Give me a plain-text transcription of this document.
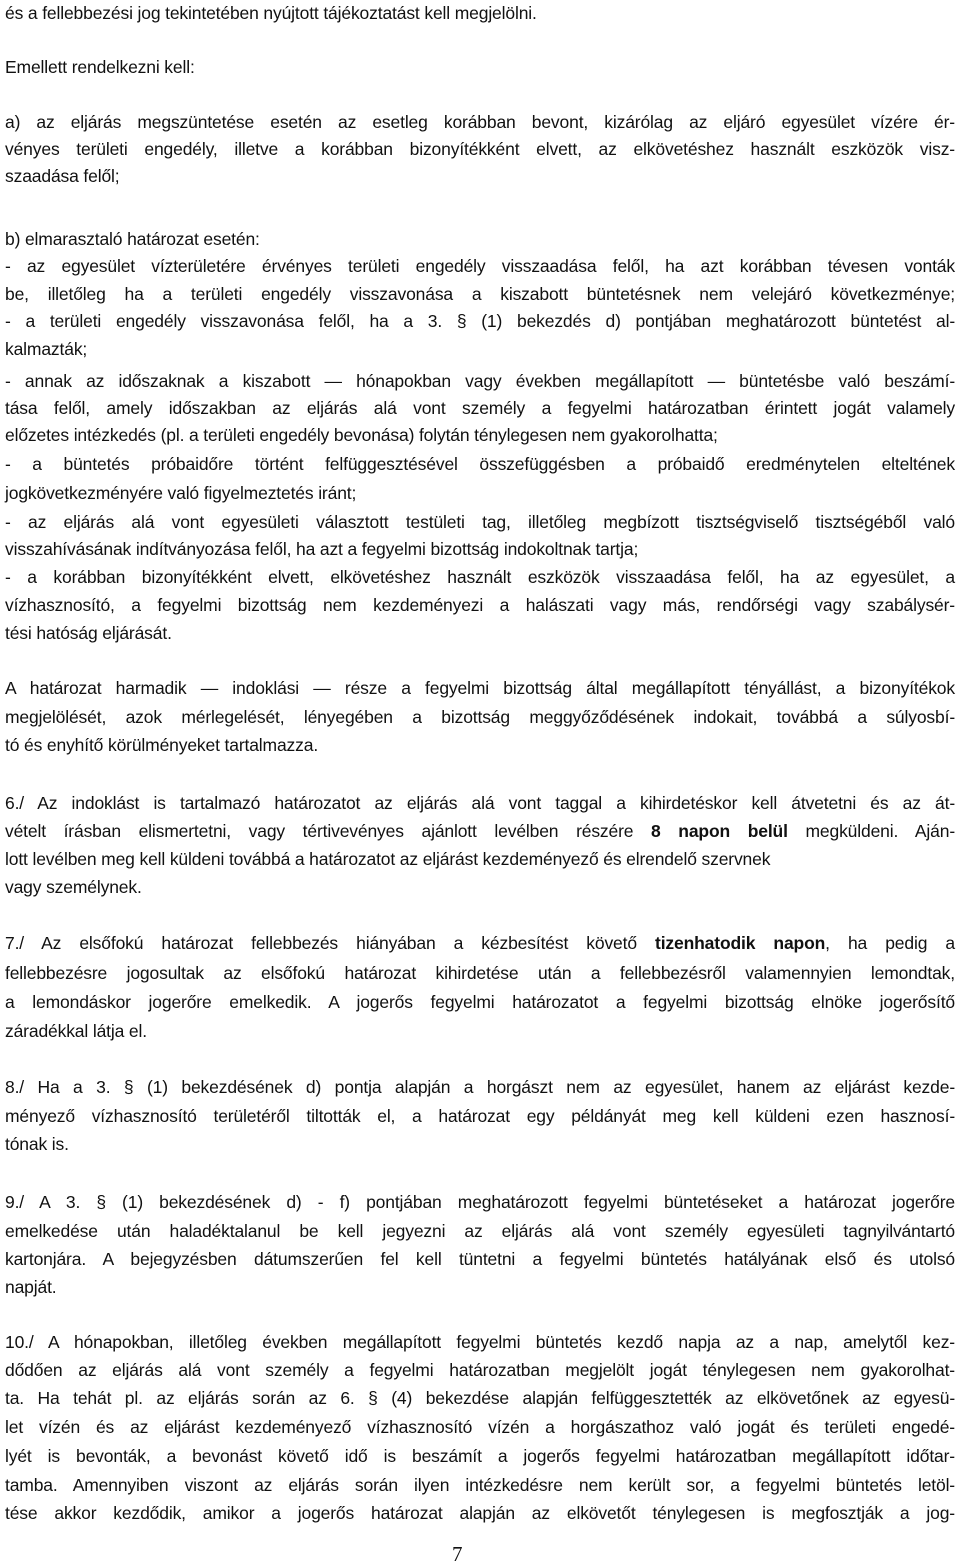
és a fellebbezési jog tekintetében nyújtott tájékoztatást kell megjelölni.
Emellett rendelkezni kell:
a) az eljárás megszüntetése esetén az esetleg korábban bevont, kizárólag az eljáró egyesület vízére ér-
vényes területi engedély, illetve a korábban bizonyítékként elvett, az elkövetéshez használt eszközök visz-
szaadása felől;
b) elmarasztaló határozat esetén:
- az egyesület vízterületére érvényes területi engedély visszaadása felől, ha azt korábban tévesen vonták
be, illetőleg ha a területi engedély visszavonása a kiszabott büntetésnek nem velejáró következménye;
- a területi engedély visszavonása felől, ha a 3. § (1) bekezdés d) pontjában meghatározott büntetést al-
kalmazták;
- annak az időszaknak a kiszabott — hónapokban vagy években megállapított — büntetésbe való beszámí-
tása felől, amely időszakban az eljárás alá vont személy a fegyelmi határozatban érintett jogát valamely
előzetes intézkedés (pl. a területi engedély bevonása) folytán ténylegesen nem gyakorolhatta;
- a büntetés próbaidőre történt felfüggesztésével összefüggésben a próbaidő eredménytelen elteltének
jogkövetkezményére való figyelmeztetés iránt;
- az eljárás alá vont egyesületi választott testületi tag, illetőleg megbízott tisztségviselő tisztségéből való
visszahívásának indítványozása felől, ha azt a fegyelmi bizottság indokoltnak tartja;
- a korábban bizonyítékként elvett, elkövetéshez használt eszközök visszaadása felől, ha az egyesület, a
vízhasznosító, a fegyelmi bizottság nem kezdeményezi a halászati vagy más, rendőrségi vagy szabálysér-
tési hatóság eljárását.
A határozat harmadik — indoklási — része a fegyelmi bizottság által megállapított tényállást, a bizonyítékok
megjelölését, azok mérlegelését, lényegében a bizottság meggyőződésének indokait, továbbá a súlyosbí-
tó és enyhítő körülményeket tartalmazza.
6./ Az indoklást is tartalmazó határozatot az eljárás alá vont taggal a kihirdetéskor kell átvetetni és az át-
vételt írásban elismertetni, vagy tértivevényes ajánlott levélben részére 8 napon belül megküldeni. Aján-
lott levélben meg kell küldeni továbbá a határozatot az eljárást kezdeményező és elrendelő szervnek
vagy személynek.
7./ Az elsőfokú határozat fellebbezés hiányában a kézbesítést követő tizenhatodik napon, ha pedig a
fellebbezésre jogosultak az elsőfokú határozat kihirdetése után a fellebbezésről valamennyien lemondtak,
a lemondáskor jogerőre emelkedik. A jogerős fegyelmi határozatot a fegyelmi bizottság elnöke jogerősítő
záradékkal látja el.
8./ Ha a 3. § (1) bekezdésének d) pontja alapján a horgászt nem az egyesület, hanem az eljárást kezde-
ményező vízhasznosító területéről tiltották el, a határozat egy példányát meg kell küldeni ezen hasznosí-
tónak is.
9./ A 3. § (1) bekezdésének d) - f) pontjában meghatározott fegyelmi büntetéseket a határozat jogerőre
emelkedése után haladéktalanul be kell jegyezni az eljárás alá vont személy egyesületi tagnyilvántartó
kartonjára. A bejegyzésben dátumszerűen fel kell tüntetni a fegyelmi büntetés hatályának első és utolsó
napját.
10./ A hónapokban, illetőleg években megállapított fegyelmi büntetés kezdő napja az a nap, amelytől kez-
dődően az eljárás alá vont személy a fegyelmi határozatban megjelölt jogát ténylegesen nem gyakorolhat-
ta. Ha tehát pl. az eljárás során az 6. § (4) bekezdése alapján felfüggesztették az elkövetőnek az egyesü-
let vízén és az eljárást kezdeményező vízhasznosító vízén a horgászathoz való jogát és területi engedé-
lyét is bevonták, a bevonást követő idő is beszámít a jogerős fegyelmi határozatban megállapított időtar-
tamba. Amennyiben viszont az eljárás során ilyen intézkedésre nem került sor, a fegyelmi büntetés letöl-
tése akkor kezdődik, amikor a jogerős határozat alapján az elkövetőt ténylegesen is megfosztják a jog-
7
